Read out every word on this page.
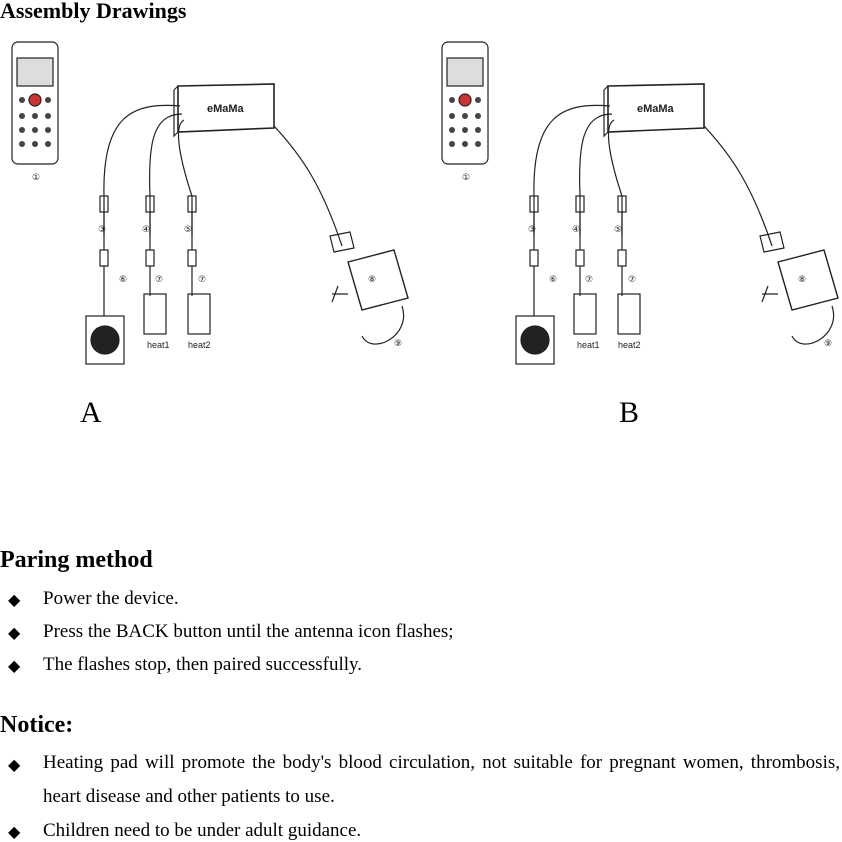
Assembly Drawings
eMaMa
③	④	⑤
⑥	⑦	⑦	⑧
⑨
heat1 heat2
①
eMaMa
③	④	⑤
⑥	⑦	⑦	⑧
⑨
heat1 heat2
①
A	B
Paring method
◆ Power the device.
◆ Press the BACK button until the antenna icon flashes;
◆ The flashes stop, then paired successfully.
Notice:
◆ Heating pad will promote the body's blood circulation, not suitable for pregnant women, thrombosis, heart disease and other patients to use.
◆ Children need to be under adult guidance.
